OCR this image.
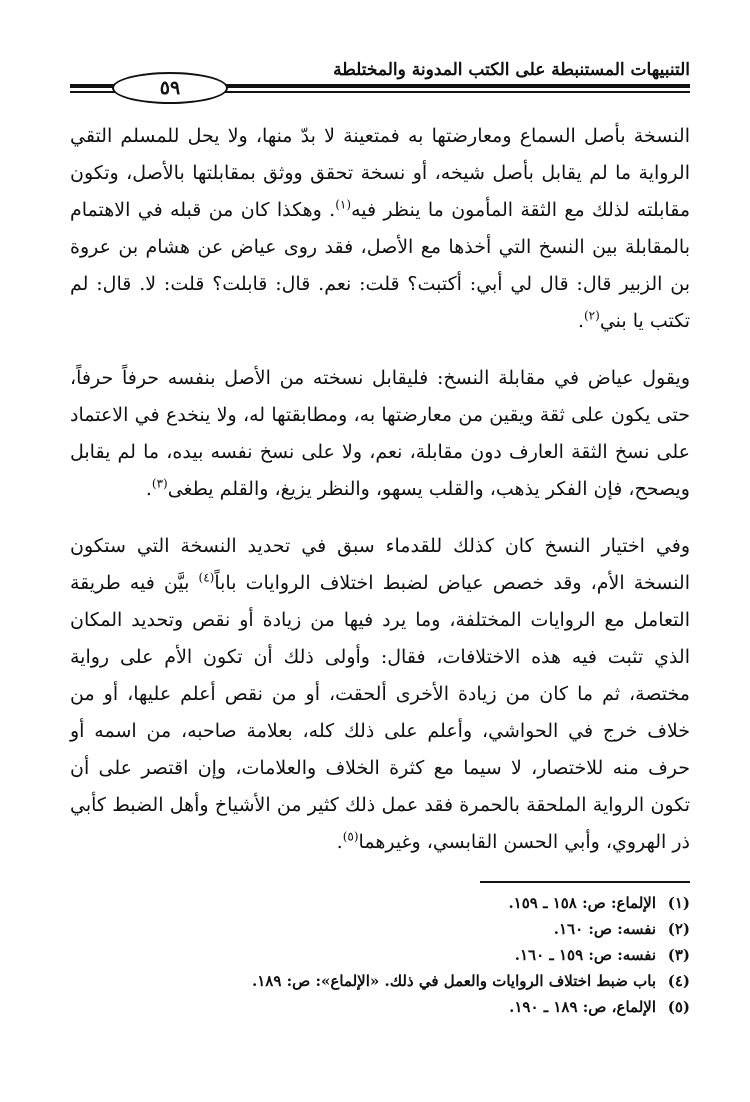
التنبيهات المستنبطة على الكتب المدونة والمختلطة
٥٩

النسخة بأصل السماع ومعارضتها به فمتعينة لا بدّ منها، ولا يحل للمسلم التقي الرواية ما لم يقابل بأصل شيخه، أو نسخة تحقق ووثق بمقابلتها بالأصل، وتكون مقابلته لذلك مع الثقة المأمون ما ينظر فيه$^{(١)}$. وهكذا كان من قبله في الاهتمام بالمقابلة بين النسخ التي أخذها مع الأصل، فقد روى عياض عن هشام بن عروة بن الزبير قال: قال لي أبي: أكتبت؟ قلت: نعم. قال: قابلت؟ قلت: لا. قال: لم تكتب يا بني$^{(٢)}$.

ويقول عياض في مقابلة النسخ: فليقابل نسخته من الأصل بنفسه حرفاً حرفاً، حتى يكون على ثقة ويقين من معارضتها به، ومطابقتها له، ولا ينخدع في الاعتماد على نسخ الثقة العارف دون مقابلة، نعم، ولا على نسخ نفسه بيده، ما لم يقابل ويصحح، فإن الفكر يذهب، والقلب يسهو، والنظر يزيغ، والقلم يطغى$^{(٣)}$.

وفي اختيار النسخ كان كذلك للقدماء سبق في تحديد النسخة التي ستكون النسخة الأم، وقد خصص عياض لضبط اختلاف الروايات باباً$^{(٤)}$ بيَّن فيه طريقة التعامل مع الروايات المختلفة، وما يرد فيها من زيادة أو نقص وتحديد المكان الذي تثبت فيه هذه الاختلافات، فقال: وأولى ذلك أن تكون الأم على رواية مختصة، ثم ما كان من زيادة الأخرى ألحقت، أو من نقص أعلم عليها، أو من خلاف خرج في الحواشي، وأعلم على ذلك كله، بعلامة صاحبه، من اسمه أو حرف منه للاختصار، لا سيما مع كثرة الخلاف والعلامات، وإن اقتصر على أن تكون الرواية الملحقة بالحمرة فقد عمل ذلك كثير من الأشياخ وأهل الضبط كأبي ذر الهروي، وأبي الحسن القابسي، وغيرهما$^{(٥)}$.

(١)الإلماع: ص: ١٥٨ ـ ١٥٩.
(٢)نفسه: ص: ١٦٠.
(٣)نفسه: ص: ١٥٩ ـ ١٦٠.
(٤)باب ضبط اختلاف الروايات والعمل في ذلك. «الإلماع»: ص: ١٨٩.
(٥)الإلماع، ص: ١٨٩ ـ ١٩٠.
